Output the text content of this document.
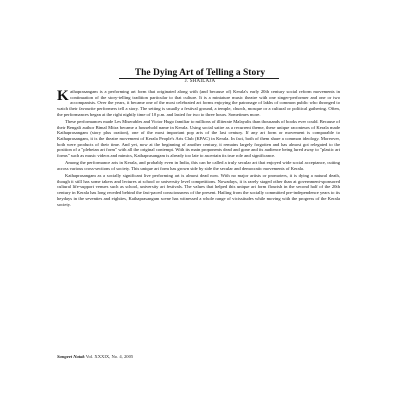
The Dying Art of Telling a Story
J. SHAILAJA

Kathaprasangam is a performing art form that originated along with (and because of) Kerala's early 20th century social reform movements in continuation of the story-telling tradition particular to that culture. It is a miniature music theatre with one singer-performer and one or two accompanists. Over the years, it became one of the most celebrated art forms enjoying the patronage of lakhs of common public who thronged to watch their favourite performers tell a story. The setting is usually a festival ground, a temple, church, mosque or a cultural or political gathering. Often, the performances began at the right nightly time of 10 p.m. and lasted for two to three hours. Sometimes more.

These performances made Les Miserables and Victor Hugo familiar to millions of illiterate Malayalis than thousands of books ever could. Because of their Bengali author Bimal Mitra became a household name in Kerala. Using social satire as a recurrent theme, these unique raconteurs of Kerala made Kathaprasangam (story plus oration), one of the most important pop arts of the last century. If any art form or movement is comparable to Kathaprasangam, it is the theatre movement of Kerala People's Arts Club (KPAC) in Kerala. In fact, both of them share a common ideology. Moreover, both were products of their time. And yet, now at the beginning of another century, it remains largely forgotten and has almost got relegated to the position of a "plebeian art form" with all the original contempt. With its main proponents dead and gone and its audience being lured away to "plastic art forms" such as music videos and mimics, Kathaprasangam is already too late to ascertain its true role and significance.

Among the performance arts in Kerala, and probably even in India, this can be called a truly secular art that enjoyed wide social acceptance, cutting across various cross-sections of society. This unique art form has grown side by side the secular and democratic movements of Kerala.

Kathaprasangam as a socially significant live performing art is almost dead now. With no major artists or promoters, it is dying a natural death, though it still has some takers and lectures at school or university level competitions. Nowadays, it is rarely staged other than at government-sponsored cultural life-support venues such as school, university art festivals. The values that helped this unique art form flourish in the second half of the 20th century in Kerala has long receded behind the fast-paced consciousness of the present. Hailing from the socially committed pre-independence years to its heydays in the seventies and eighties, Kathaprasangam scene has witnessed a whole range of vicissitudes while moving with the progress of the Kerala society.

Sangeet Natak Vol. XXXIX, No. 4, 2005
